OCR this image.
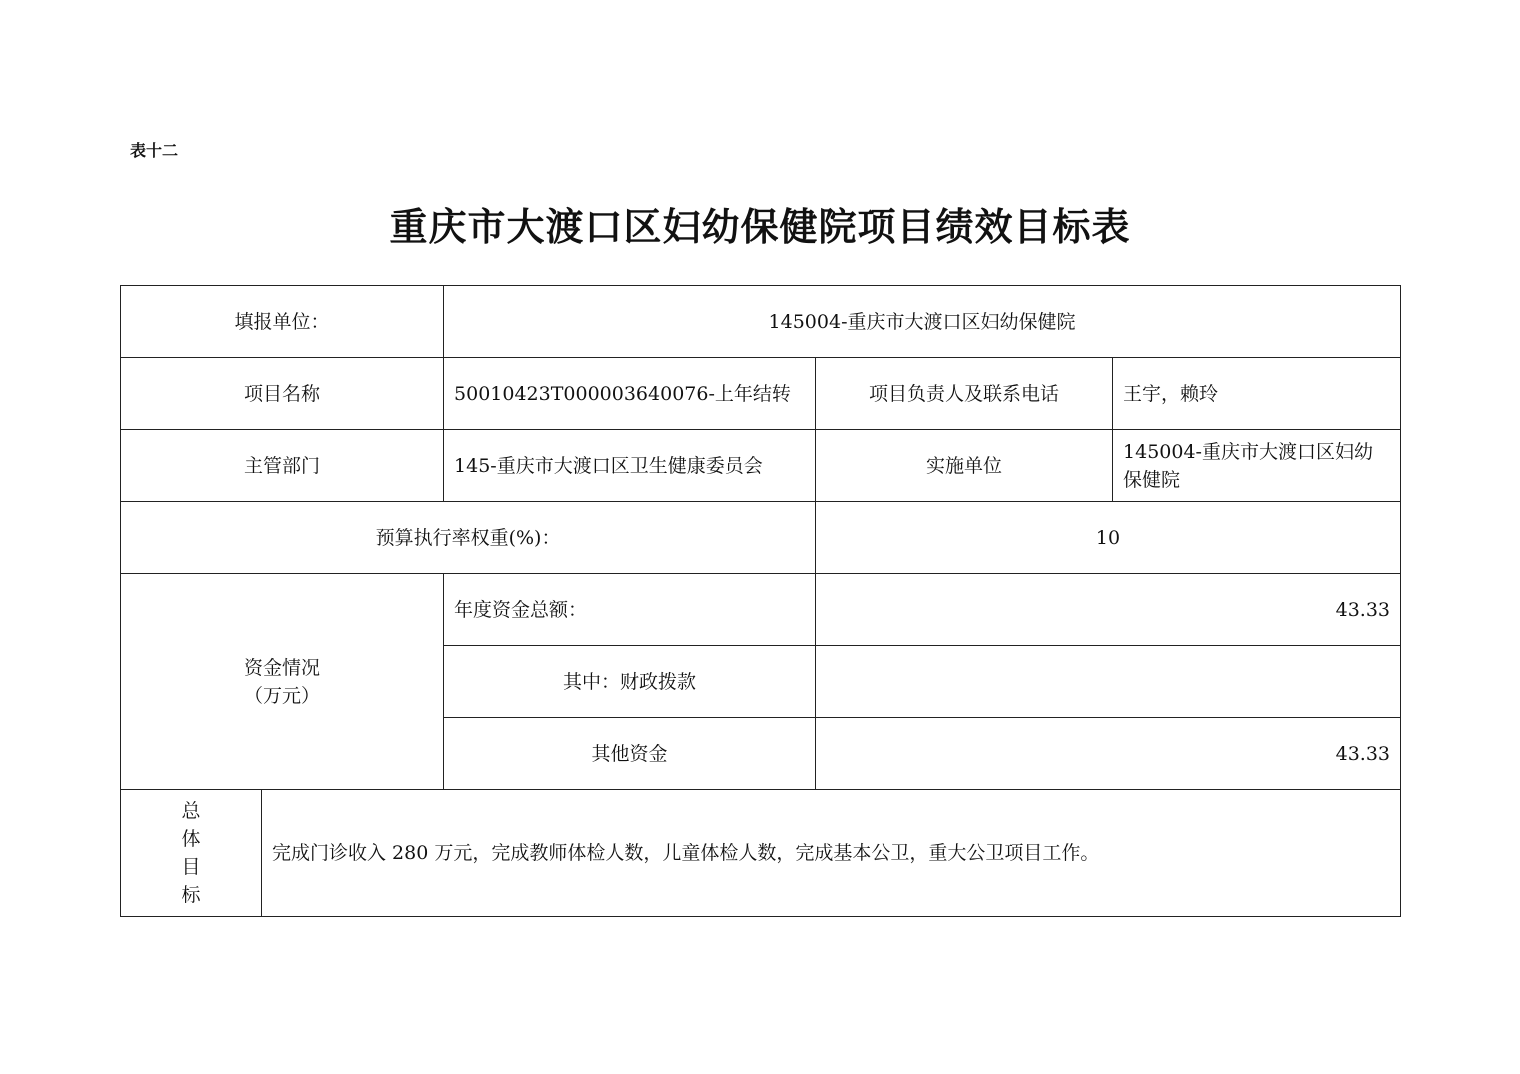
表十二
重庆市大渡口区妇幼保健院项目绩效目标表
填报单位：		145004-重庆市大渡口区妇幼保健院		
项目名称		50010423T000003640076-上年结转	项目负责人及联系电话	王宇，赖玲
主管部门		145-重庆市大渡口区卫生健康委员会	实施单位	145004-重庆市大渡口区妇幼保健院
预算执行率权重(%)：			10	

资金情况
（万元）		年度资金总额：	43.33	
		其中：财政拨款		
		其他资金	43.33	

总体目标	完成门诊收入 280 万元，完成教师体检人数，儿童体检人数，完成基本公卫，重大公卫项目工作。			
